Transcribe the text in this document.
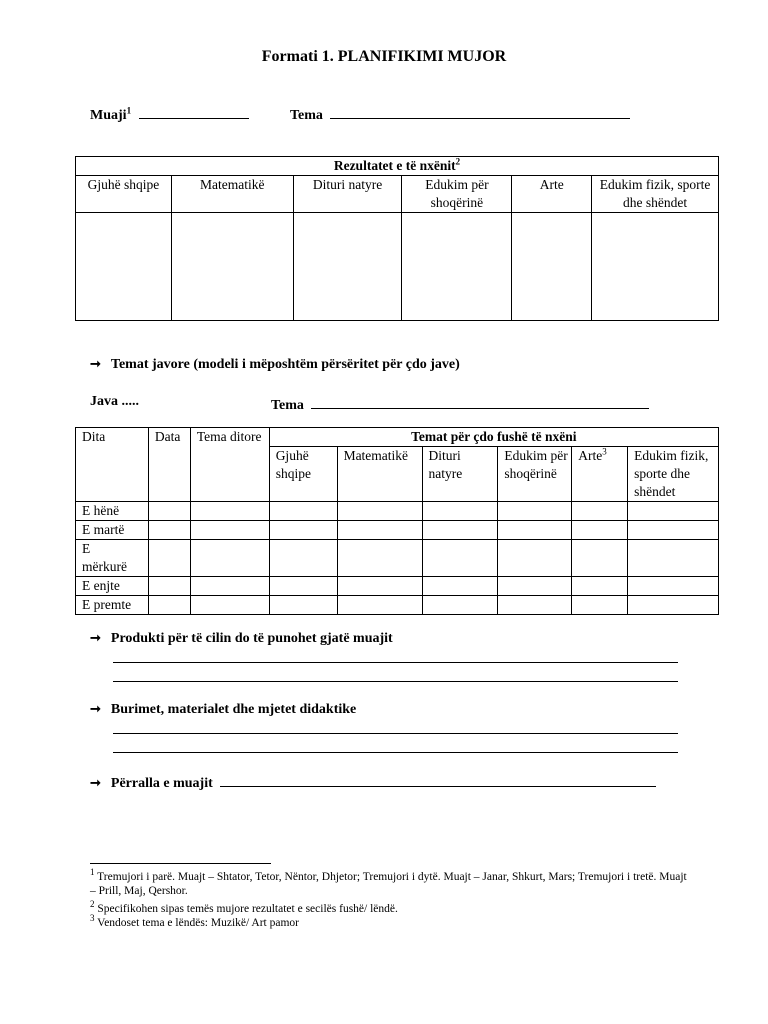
Formati 1. PLANIFIKIMI MUJOR
Muaji$^1$	Tema
Rezultatet e të nxënit$^2$
Gjuhë shqipe	Matematikë	Dituri natyre	Edukim për shoqërinë	Arte	Edukim fizik, sporte dhe shëndet

➞ Temat javore (modeli i mëposhtëm përsëritet për çdo jave)
Java .....	Tema
Dita	Data	Tema ditore	Temat për çdo fushë të nxëni					
			Gjuhë shqipe	Matematikë	Dituri natyre	Edukim për shoqërinë	Arte$^3$	Edukim fizik, sporte dhe shëndet
E hënë								
E martë								

E mërkurë								

E enjte								
E premte								
➞ Produkti për të cilin do të punohet gjatë muajit
➞ Burimet, materialet dhe mjetet didaktike
➞ Përralla e muajit
$^1$ Tremujori i parë. Muajt – Shtator, Tetor, Nëntor, Dhjetor; Tremujori i dytë. Muajt – Janar, Shkurt, Mars; Tremujori i tretë. Muajt – Prill, Maj, Qershor.
$^2$ Specifikohen sipas temës mujore rezultatet e secilës fushë/ lëndë.
$^3$ Vendoset tema e lëndës: Muzikë/ Art pamor
